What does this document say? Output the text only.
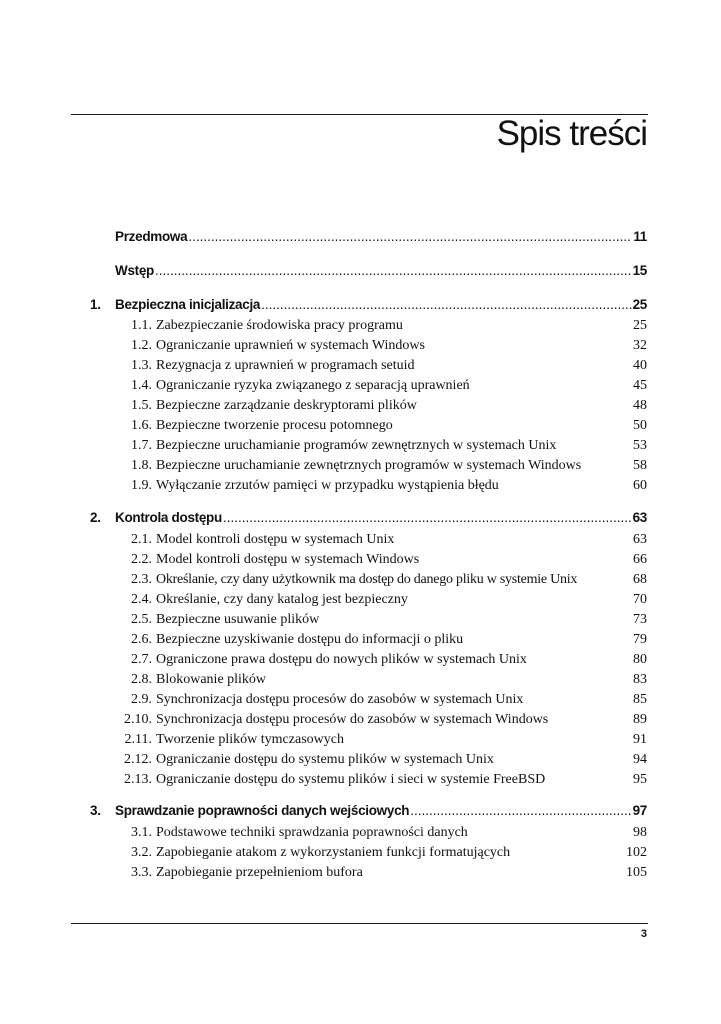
Spis treści
Przedmowa .....	11
Wstęp .....	15
1.	Bezpieczna inicjalizacja .....	25
1.1. Zabezpieczanie środowiska pracy programu	25
1.2. Ograniczanie uprawnień w systemach Windows	32
1.3. Rezygnacja z uprawnień w programach setuid	40
1.4. Ograniczanie ryzyka związanego z separacją uprawnień	45
1.5. Bezpieczne zarządzanie deskryptorami plików	48
1.6. Bezpieczne tworzenie procesu potomnego	50
1.7. Bezpieczne uruchamianie programów zewnętrznych w systemach Unix	53
1.8. Bezpieczne uruchamianie zewnętrznych programów w systemach Windows	58
1.9. Wyłączanie zrzutów pamięci w przypadku wystąpienia błędu	60
2.	Kontrola dostępu .....	63
2.1. Model kontroli dostępu w systemach Unix	63
2.2. Model kontroli dostępu w systemach Windows	66
2.3. Określanie, czy dany użytkownik ma dostęp do danego pliku w systemie Unix	68
2.4. Określanie, czy dany katalog jest bezpieczny	70
2.5. Bezpieczne usuwanie plików	73
2.6. Bezpieczne uzyskiwanie dostępu do informacji o pliku	79
2.7. Ograniczone prawa dostępu do nowych plików w systemach Unix	80
2.8. Blokowanie plików	83
2.9. Synchronizacja dostępu procesów do zasobów w systemach Unix	85
2.10. Synchronizacja dostępu procesów do zasobów w systemach Windows	89
2.11. Tworzenie plików tymczasowych	91
2.12. Ograniczanie dostępu do systemu plików w systemach Unix	94
2.13. Ograniczanie dostępu do systemu plików i sieci w systemie FreeBSD	95
3.	Sprawdzanie poprawności danych wejściowych .....	97
3.1. Podstawowe techniki sprawdzania poprawności danych	98
3.2. Zapobieganie atakom z wykorzystaniem funkcji formatujących	102
3.3. Zapobieganie przepełnieniom bufora	105
3
